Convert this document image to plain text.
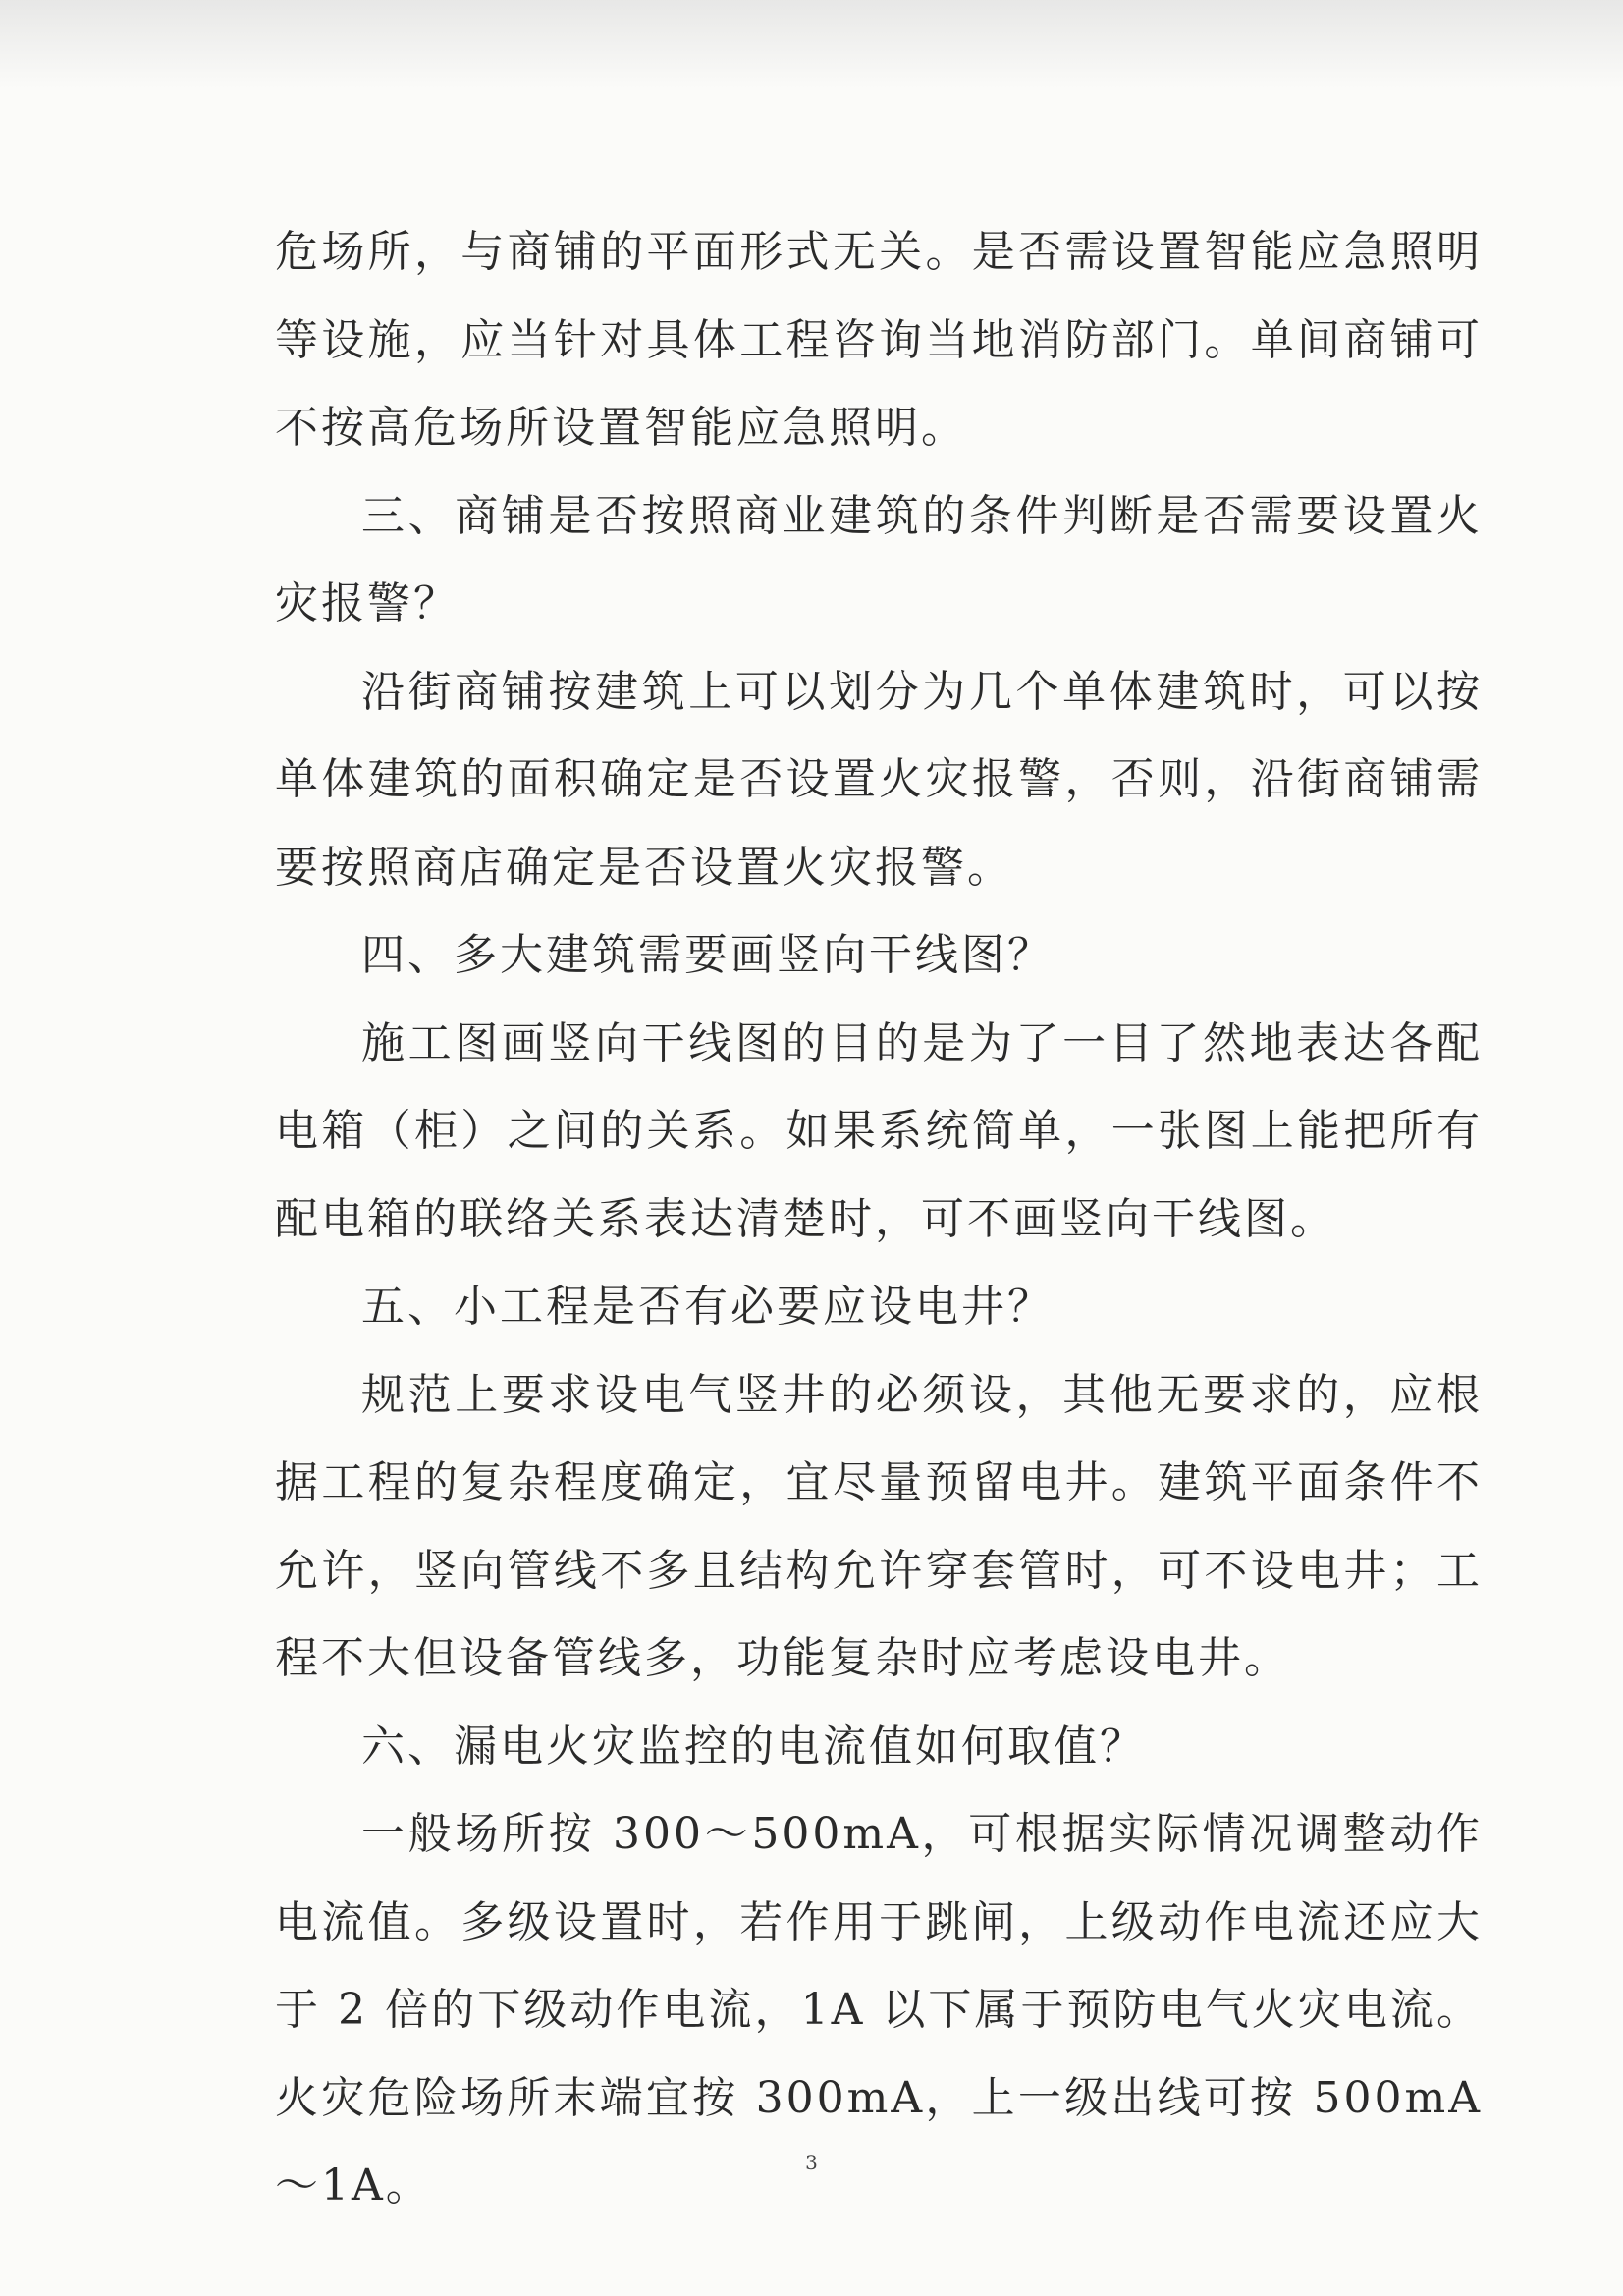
危场所，与商铺的平面形式无关。是否需设置智能应急照明等设施，应当针对具体工程咨询当地消防部门。单间商铺可不按高危场所设置智能应急照明。

三、商铺是否按照商业建筑的条件判断是否需要设置火灾报警？

沿街商铺按建筑上可以划分为几个单体建筑时，可以按单体建筑的面积确定是否设置火灾报警，否则，沿街商铺需要按照商店确定是否设置火灾报警。

四、多大建筑需要画竖向干线图？

施工图画竖向干线图的目的是为了一目了然地表达各配电箱（柜）之间的关系。如果系统简单，一张图上能把所有配电箱的联络关系表达清楚时，可不画竖向干线图。

五、小工程是否有必要应设电井？

规范上要求设电气竖井的必须设，其他无要求的，应根据工程的复杂程度确定，宜尽量预留电井。建筑平面条件不允许，竖向管线不多且结构允许穿套管时，可不设电井；工程不大但设备管线多，功能复杂时应考虑设电井。

六、漏电火灾监控的电流值如何取值？

一般场所按 300～500mA，可根据实际情况调整动作电流值。多级设置时，若作用于跳闸，上级动作电流还应大于 2 倍的下级动作电流，1A 以下属于预防电气火灾电流。火灾危险场所末端宜按 300mA，上一级出线可按 500mA～1A。	3
